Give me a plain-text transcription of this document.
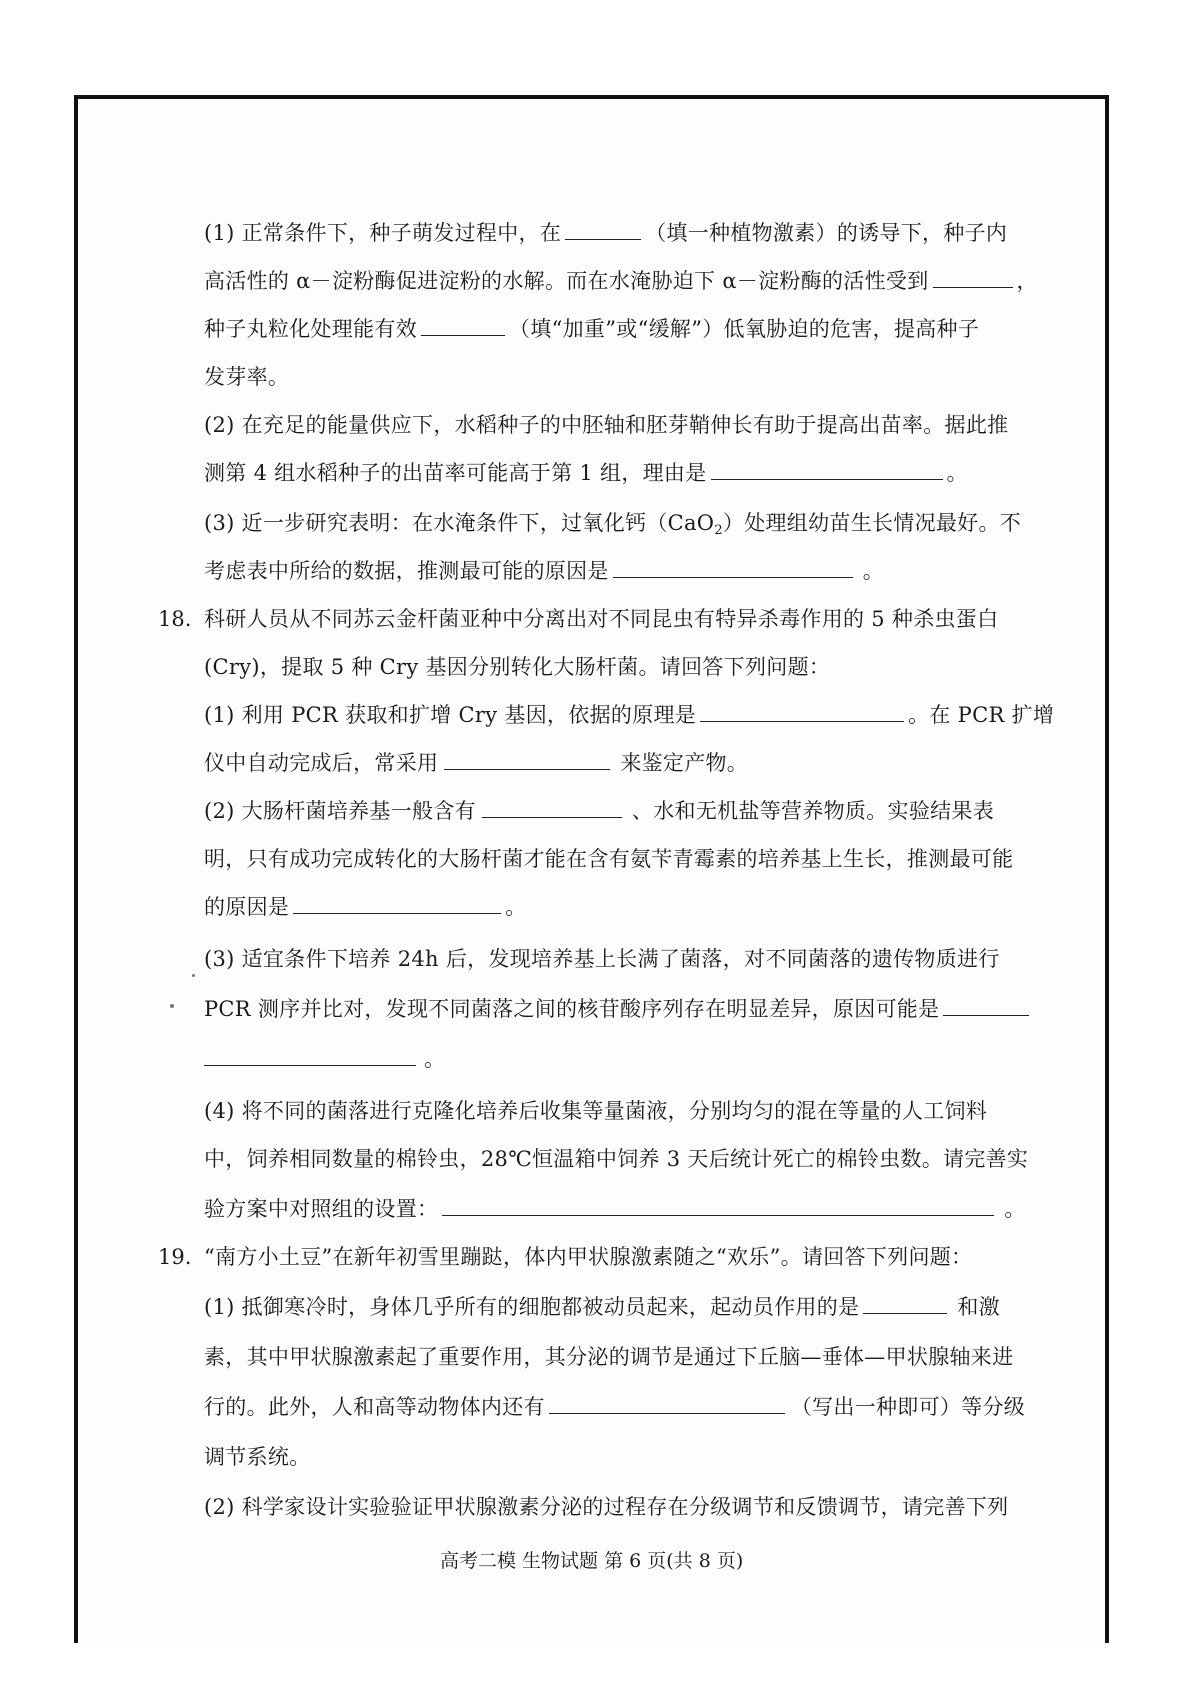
(1) 正常条件下，种子萌发过程中，在	（填一种植物激素）的诱导下，种子内
高活性的 α－淀粉酶促进淀粉的水解。而在水淹胁迫下 α－淀粉酶的活性受到	，
种子丸粒化处理能有效	（填“加重”或“缓解”）低氧胁迫的危害，提高种子
发芽率。
(2) 在充足的能量供应下，水稻种子的中胚轴和胚芽鞘伸长有助于提高出苗率。据此推
测第 4 组水稻种子的出苗率可能高于第 1 组，理由是	。
(3) 近一步研究表明：在水淹条件下，过氧化钙（CaO$_2$）处理组幼苗生长情况最好。不
考虑表中所给的数据，推测最可能的原因是	。
18. 科研人员从不同苏云金杆菌亚种中分离出对不同昆虫有特异杀毒作用的 5 种杀虫蛋白
(Cry)，提取 5 种 Cry 基因分别转化大肠杆菌。请回答下列问题：
(1) 利用 PCR 获取和扩增 Cry 基因，依据的原理是	。在 PCR 扩增
仪中自动完成后，常采用	来鉴定产物。
(2) 大肠杆菌培养基一般含有	、水和无机盐等营养物质。实验结果表
明，只有成功完成转化的大肠杆菌才能在含有氨苄青霉素的培养基上生长，推测最可能
的原因是	。
(3) 适宜条件下培养 24h 后，发现培养基上长满了菌落，对不同菌落的遗传物质进行
PCR 测序并比对，发现不同菌落之间的核苷酸序列存在明显差异，原因可能是
。
(4) 将不同的菌落进行克隆化培养后收集等量菌液，分别均匀的混在等量的人工饲料
中，饲养相同数量的棉铃虫，28℃恒温箱中饲养 3 天后统计死亡的棉铃虫数。请完善实
验方案中对照组的设置：	。
19. “南方小土豆”在新年初雪里蹦跶，体内甲状腺激素随之“欢乐”。请回答下列问题：
(1) 抵御寒冷时，身体几乎所有的细胞都被动员起来，起动员作用的是	和激
素，其中甲状腺激素起了重要作用，其分泌的调节是通过下丘脑—垂体—甲状腺轴来进
行的。此外，人和高等动物体内还有	（写出一种即可）等分级
调节系统。
(2) 科学家设计实验验证甲状腺激素分泌的过程存在分级调节和反馈调节，请完善下列
高考二模 生物试题 第 6 页(共 8 页)
